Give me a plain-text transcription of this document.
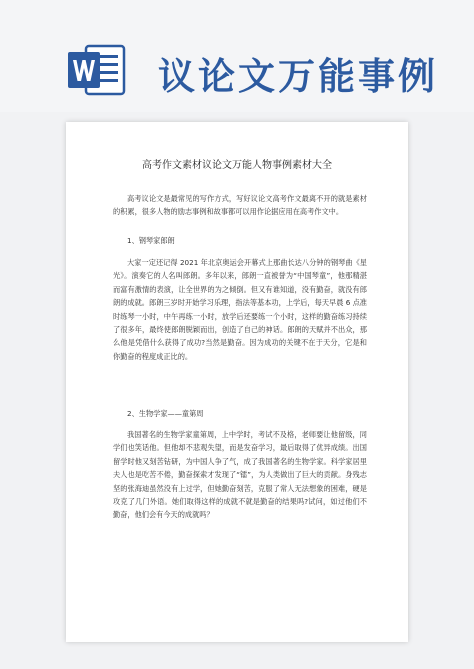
议论文万能事例
高考作文素材议论文万能人物事例素材大全

高考议论文是最常见的写作方式，写好议论文高考作文最离不开的就是素材的积累，很多人物的励志事例和故事都可以用作论据应用在高考作文中。

1、钢琴家郎朗

大家一定还记得 2021 年北京奥运会开幕式上那曲长达八分钟的钢琴曲《星光》。演奏它的人名叫郎朗。多年以来，郎朗一直被誉为“中国琴童”，他那精湛而富有激情的表演，让全世界的为之倾倒。但又有谁知道，没有勤奋，就没有郎朗的成就。郎朗三岁时开始学习乐理，指法等基本功，上学后，每天早晨 6 点准时练琴一小时，中午再练一小时，放学后还要练一个小时，这样的勤奋练习持续了很多年，最终使郎朗脱颖而出，创造了自己的神话。郎朗的天赋并不出众，那么他是凭借什么获得了成功?当然是勤奋。因为成功的关键不在于天分，它是和你勤奋的程度成正比的。

2、生物学家——童第周

我国著名的生物学家童第周，上中学时，考试不及格，老师要让他留级，同学们也笑话他。但他却不悲观失望，而是发奋学习，最后取得了优异成绩。出国留学时他又刻苦钻研，为中国人争了气，成了我国著名的生物学家。科学家居里夫人也是吃苦不倦，勤奋探索才发现了“镭”，为人类做出了巨大的贡献。身残志坚的张海迪虽然没有上过学，但她勤奋刻苦，克服了常人无法想象的困难，硬是攻克了几门外语。她们取得这样的成就不就是勤奋的结果吗?试问，如过他们不勤奋，他们会有今天的成就吗？
